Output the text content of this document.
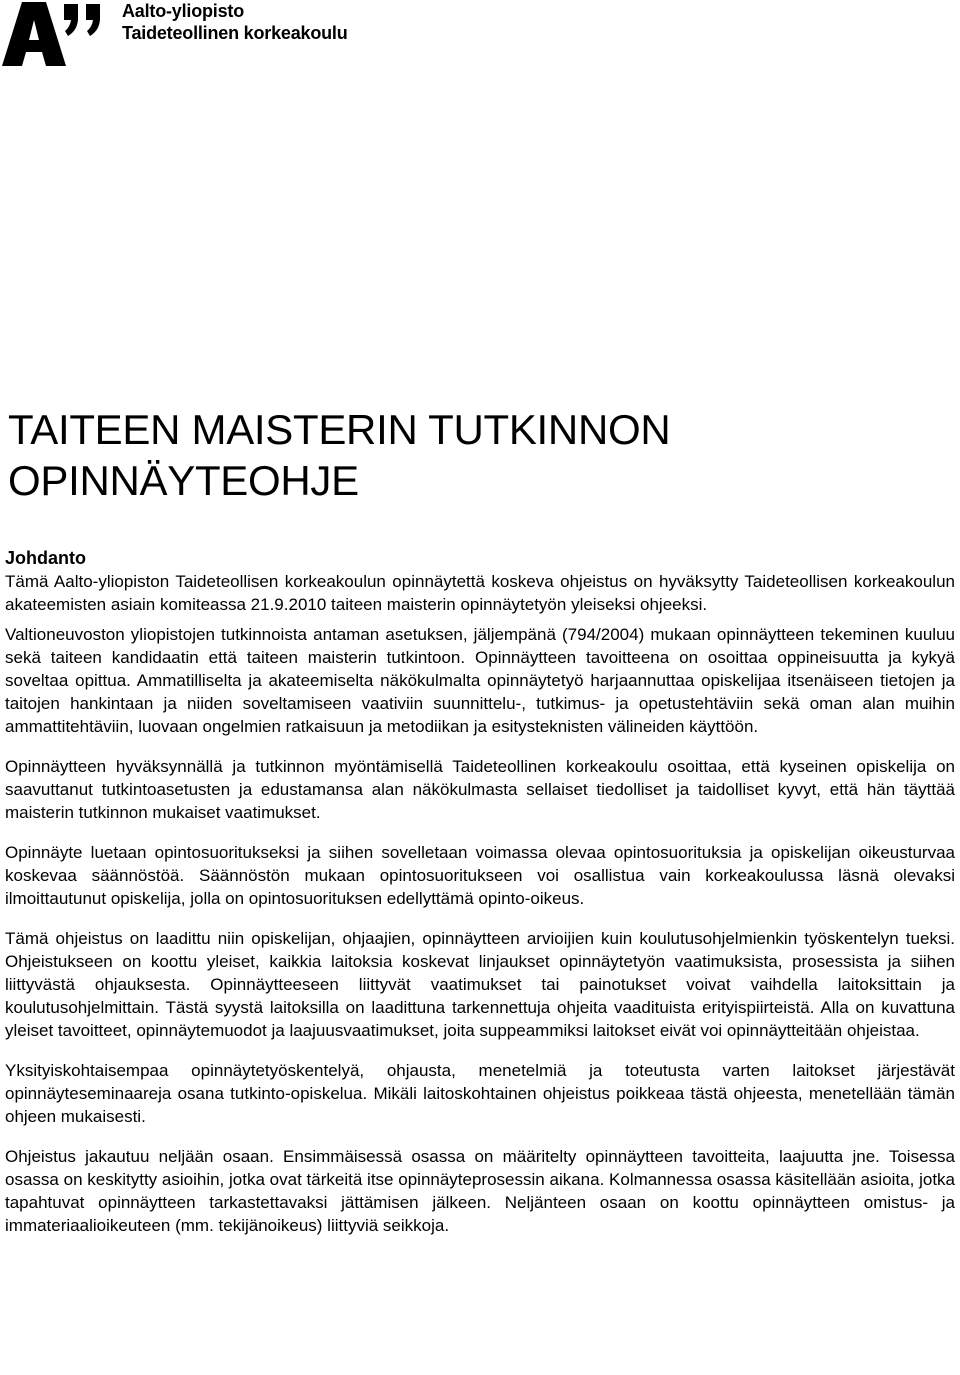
Aalto-yliopisto
Taideteollinen korkeakoulu
TAITEEN MAISTERIN TUTKINNON
OPINNÄYTEOHJE
Johdanto

Tämä Aalto-yliopiston Taideteollisen korkeakoulun opinnäytettä koskeva ohjeistus on hyväksytty Taideteollisen korkeakoulun akateemisten asiain komiteassa 21.9.2010 taiteen maisterin opinnäytetyön yleiseksi ohjeeksi.

Valtioneuvoston yliopistojen tutkinnoista antaman asetuksen, jäljempänä (794/2004) mukaan opinnäytteen tekeminen kuuluu sekä taiteen kandidaatin että taiteen maisterin tutkintoon. Opinnäytteen tavoitteena on osoittaa oppineisuutta ja kykyä soveltaa opittua. Ammatilliselta ja akateemiselta näkökulmalta opinnäytetyö harjaannuttaa opiskelijaa itsenäiseen tietojen ja taitojen hankintaan ja niiden soveltamiseen vaativiin suunnittelu-, tutkimus- ja opetustehtäviin sekä oman alan muihin ammattitehtäviin, luovaan ongelmien ratkaisuun ja metodiikan ja esitysteknisten välineiden käyttöön.

Opinnäytteen hyväksynnällä ja tutkinnon myöntämisellä Taideteollinen korkeakoulu osoittaa, että kyseinen opiskelija on saavuttanut tutkintoasetusten ja edustamansa alan näkökulmasta sellaiset tiedolliset ja taidolliset kyvyt, että hän täyttää maisterin tutkinnon mukaiset vaatimukset.

Opinnäyte luetaan opintosuoritukseksi ja siihen sovelletaan voimassa olevaa opintosuorituksia ja opiskelijan oikeusturvaa koskevaa säännöstöä. Säännöstön mukaan opintosuoritukseen voi osallistua vain korkeakoulussa läsnä olevaksi ilmoittautunut opiskelija, jolla on opintosuorituksen edellyttämä opinto-oikeus.

Tämä ohjeistus on laadittu niin opiskelijan, ohjaajien, opinnäytteen arvioijien kuin koulutusohjelmienkin työskentelyn tueksi. Ohjeistukseen on koottu yleiset, kaikkia laitoksia koskevat linjaukset opinnäytetyön vaatimuksista, prosessista ja siihen liittyvästä ohjauksesta. Opinnäytteeseen liittyvät vaatimukset tai painotukset voivat vaihdella laitoksittain ja koulutusohjelmittain. Tästä syystä laitoksilla on laadittuna tarkennettuja ohjeita vaadituista erityispiirteistä. Alla on kuvattuna yleiset tavoitteet, opinnäytemuodot ja laajuusvaatimukset, joita suppeammiksi laitokset eivät voi opinnäytteitään ohjeistaa.

Yksityiskohtaisempaa opinnäytetyöskentelyä, ohjausta, menetelmiä ja toteutusta varten laitokset järjestävät opinnäyteseminaareja osana tutkinto-opiskelua. Mikäli laitoskohtainen ohjeistus poikkeaa tästä ohjeesta, menetellään tämän ohjeen mukaisesti.

Ohjeistus jakautuu neljään osaan. Ensimmäisessä osassa on määritelty opinnäytteen tavoitteita, laajuutta jne. Toisessa osassa on keskitytty asioihin, jotka ovat tärkeitä itse opinnäyteprosessin aikana. Kolmannessa osassa käsitellään asioita, jotka tapahtuvat opinnäytteen tarkastettavaksi jättämisen jälkeen. Neljänteen osaan on koottu opinnäytteen omistus- ja immateriaalioikeuteen (mm. tekijänoikeus) liittyviä seikkoja.
